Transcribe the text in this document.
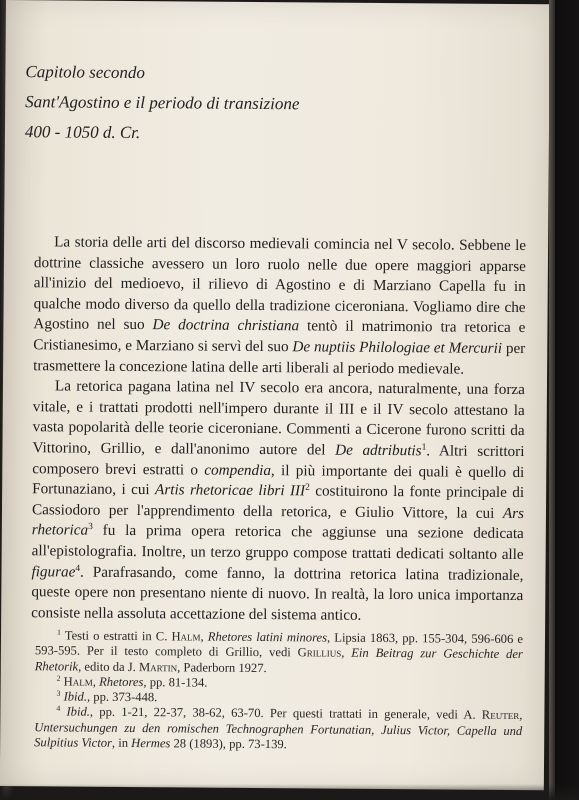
Capitolo secondo
Sant'Agostino e il periodo di transizione
400 - 1050 d. Cr.

La storia delle arti del discorso medievali comincia nel V secolo. Sebbene le dottrine classiche avessero un loro ruolo nelle due opere maggiori apparse all'inizio del medioevo, il rilievo di Agostino e di Marziano Capella fu in qualche modo diverso da quello della tradizione ciceroniana. Vogliamo dire che Agostino nel suo De doctrina christiana tentò il matrimonio tra retorica e Cristianesimo, e Marziano si servì del suo De nuptiis Philologiae et Mercurii per trasmettere la concezione latina delle arti liberali al periodo medievale.

La retorica pagana latina nel IV secolo era ancora, naturalmente, una forza vitale, e i trattati prodotti nell'impero durante il III e il IV secolo attestano la vasta popolarità delle teorie ciceroniane. Commenti a Cicerone furono scritti da Vittorino, Grillio, e dall'anonimo autore del De adtributis$^1$. Altri scrittori composero brevi estratti o compendia, il più importante dei quali è quello di Fortunaziano, i cui Artis rhetoricae libri III$^2$ costituirono la fonte principale di Cassiodoro per l'apprendimento della retorica, e Giulio Vittore, la cui Ars rhetorica$^3$ fu la prima opera retorica che aggiunse una sezione dedicata all'epistolografia. Inoltre, un terzo gruppo compose trattati dedicati soltanto alle figurae$^4$. Parafrasando, come fanno, la dottrina retorica latina tradizionale, queste opere non presentano niente di nuovo. In realtà, la loro unica importanza consiste nella assoluta accettazione del sistema antico.

$^1$ Testi o estratti in C. Halm, Rhetores latini minores, Lipsia 1863, pp. 155-304, 596-606 e 593-595. Per il testo completo di Grillio, vedi Grillius, Ein Beitrag zur Geschichte der Rhetorik, edito da J. Martin, Paderborn 1927.
$^2$ Halm, Rhetores, pp. 81-134.
$^3$ Ibid., pp. 373-448.
$^4$ Ibid., pp. 1-21, 22-37, 38-62, 63-70. Per questi trattati in generale, vedi A. Reuter, Untersuchungen zu den romischen Technographen Fortunatian, Julius Victor, Capella und Sulpitius Victor, in Hermes 28 (1893), pp. 73-139.
